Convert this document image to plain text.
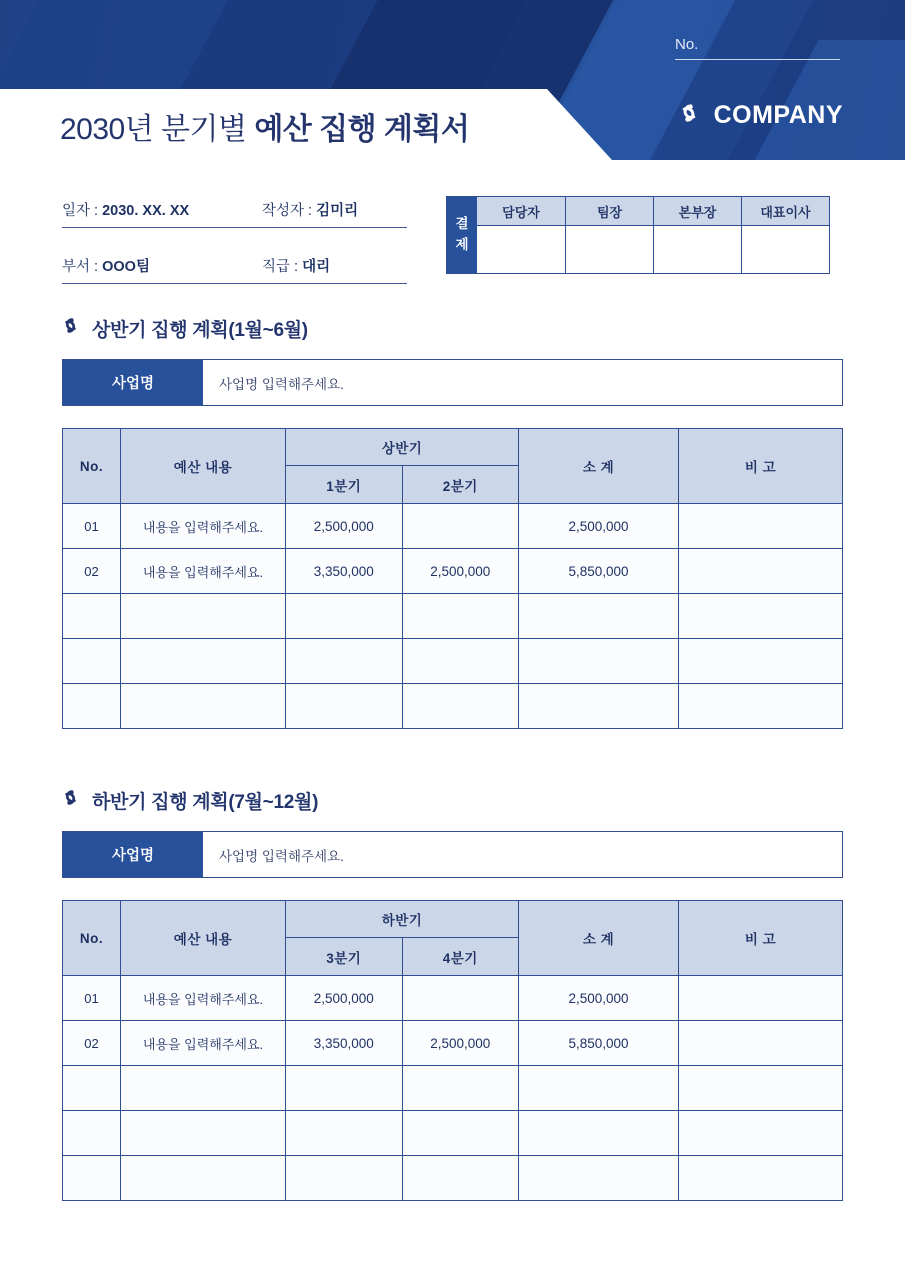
No.
COMPANY
2030년 분기별 예산 집행 계획서
일자 : 2030. XX. XX	작성자 : 김미리
부서 : OOO팀	직급 : 대리
결
제
담당자	팀장	본부장	대표이사
상반기 집행 계획(1월~6월)
사업명	사업명 입력해주세요.
No.	예산 내용	상반기		소 계	비 고
		1분기	2분기		
01	내용을 입력해주세요.	2,500,000		2,500,000	
02	내용을 입력해주세요.	3,350,000	2,500,000	5,850,000	

하반기 집행 계획(7월~12월)
사업명	사업명 입력해주세요.
No.	예산 내용	하반기		소 계	비 고
		3분기	4분기		
01	내용을 입력해주세요.	2,500,000		2,500,000	
02	내용을 입력해주세요.	3,350,000	2,500,000	5,850,000	
